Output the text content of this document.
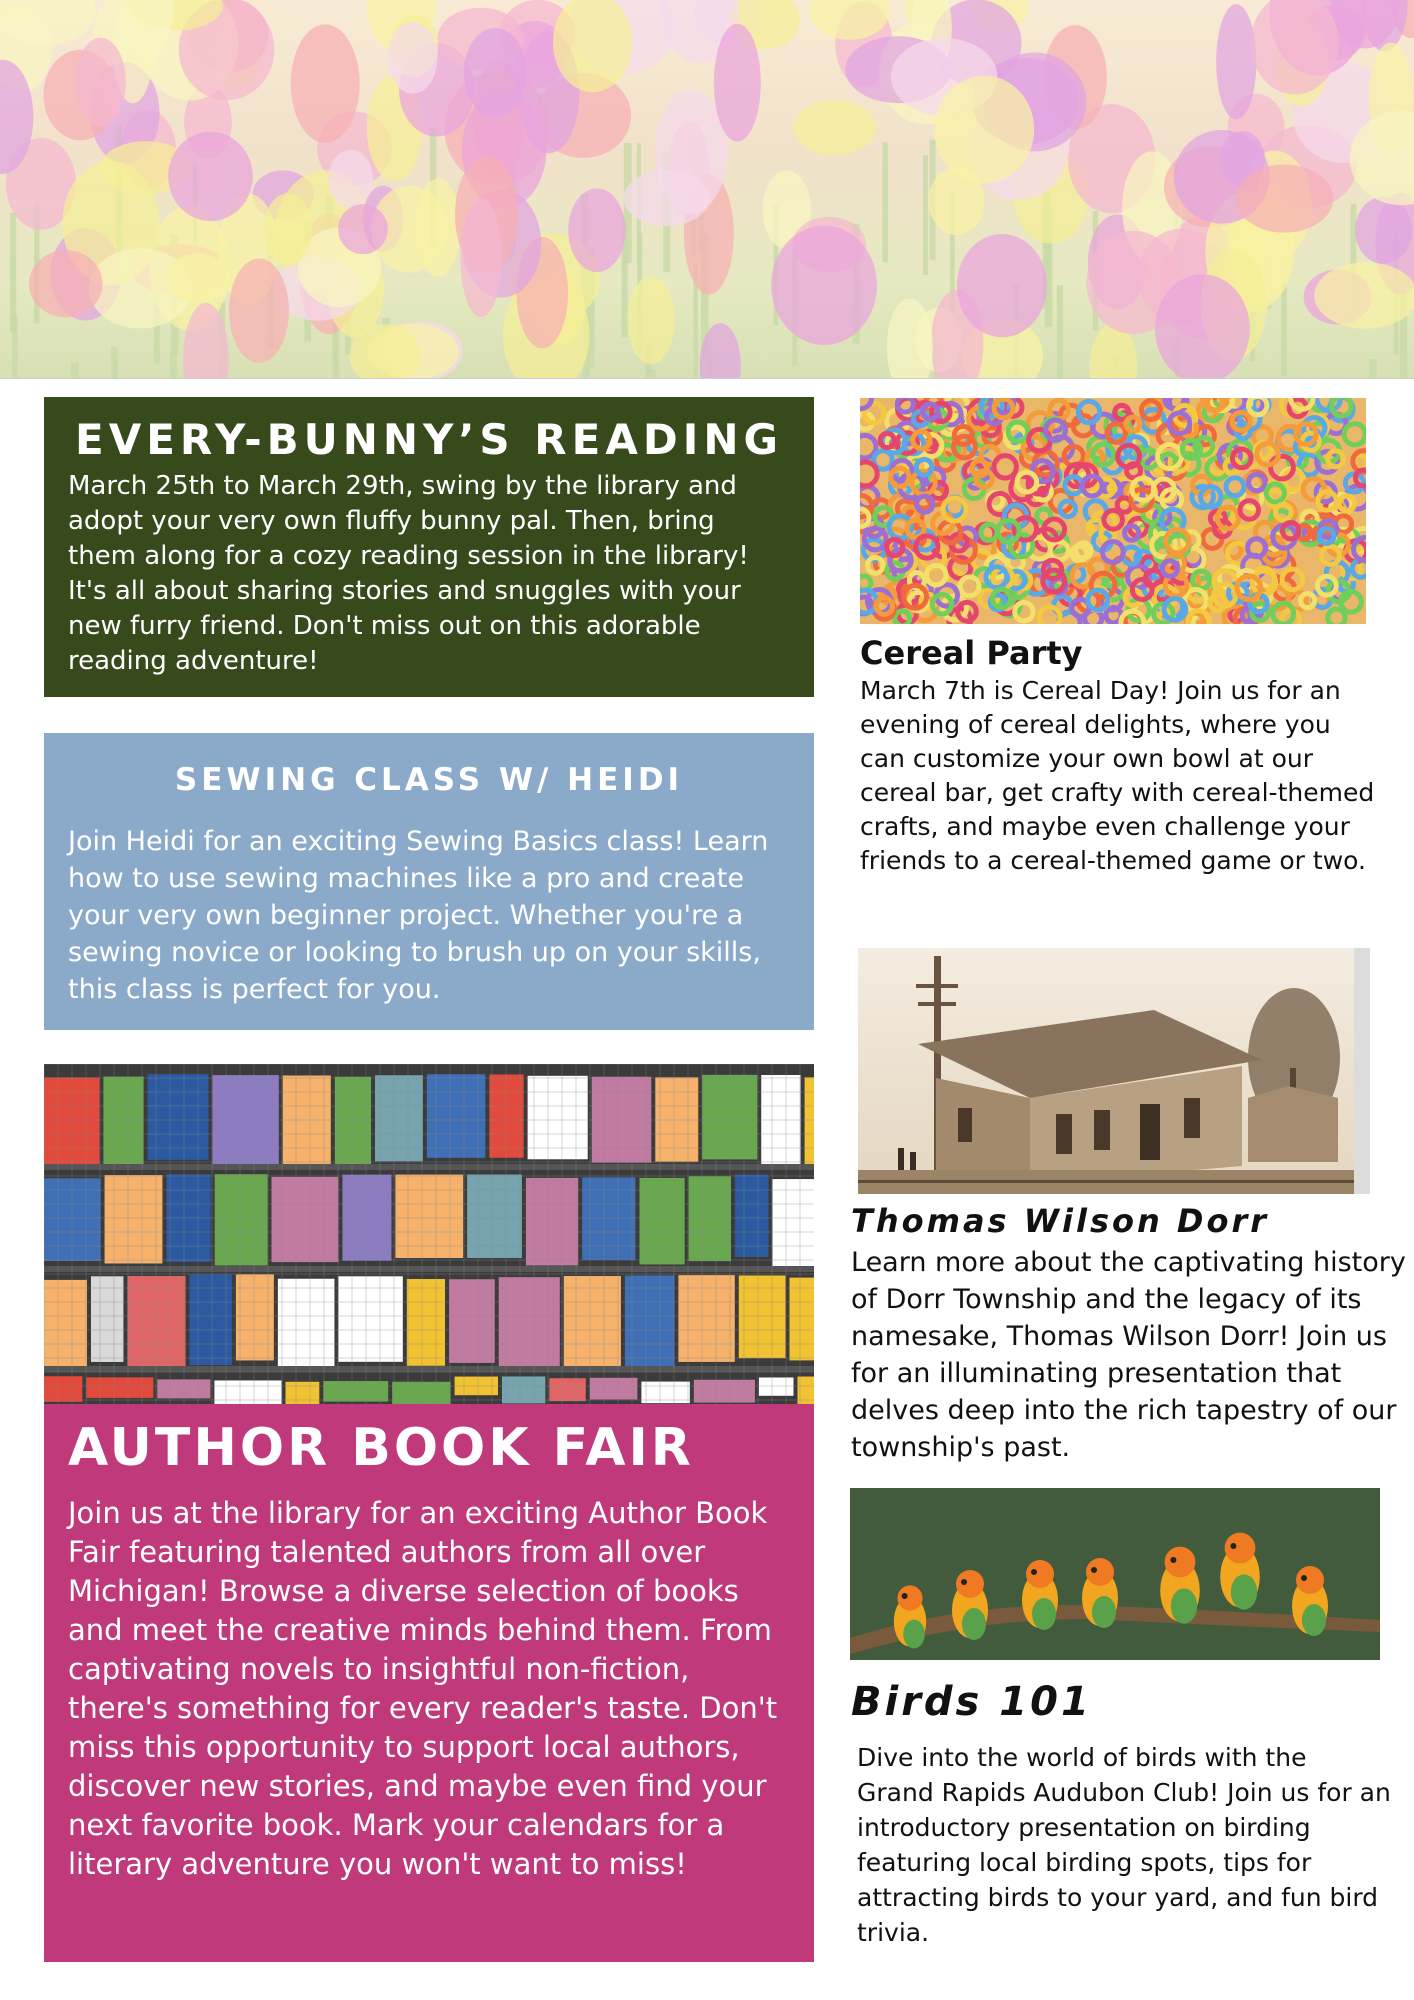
EVERY-BUNNY’S READING

March 25th to March 29th, swing by the library and adopt your very own fluffy bunny pal. Then, bring them along for a cozy reading session in the library! It's all about sharing stories and snuggles with your new furry friend. Don't miss out on this adorable reading adventure!

SEWING CLASS W/ HEIDI

Join Heidi for an exciting Sewing Basics class! Learn how to use sewing machines like a pro and create your very own beginner project. Whether you're a sewing novice or looking to brush up on your skills, this class is perfect for you.

AUTHOR BOOK FAIR

Join us at the library for an exciting Author Book Fair featuring talented authors from all over Michigan! Browse a diverse selection of books and meet the creative minds behind them. From captivating novels to insightful non-fiction, there's something for every reader's taste. Don't miss this opportunity to support local authors, discover new stories, and maybe even find your next favorite book. Mark your calendars for a literary adventure you won't want to miss!

Cereal Party

March 7th is Cereal Day! Join us for an evening of cereal delights, where you can customize your own bowl at our cereal bar, get crafty with cereal-themed crafts, and maybe even challenge your friends to a cereal-themed game or two.

Thomas Wilson Dorr

Learn more about the captivating history of Dorr Township and the legacy of its namesake, Thomas Wilson Dorr! Join us for an illuminating presentation that delves deep into the rich tapestry of our township's past.

Birds 101

Dive into the world of birds with the Grand Rapids Audubon Club! Join us for an introductory presentation on birding featuring local birding spots, tips for attracting birds to your yard, and fun bird trivia.
